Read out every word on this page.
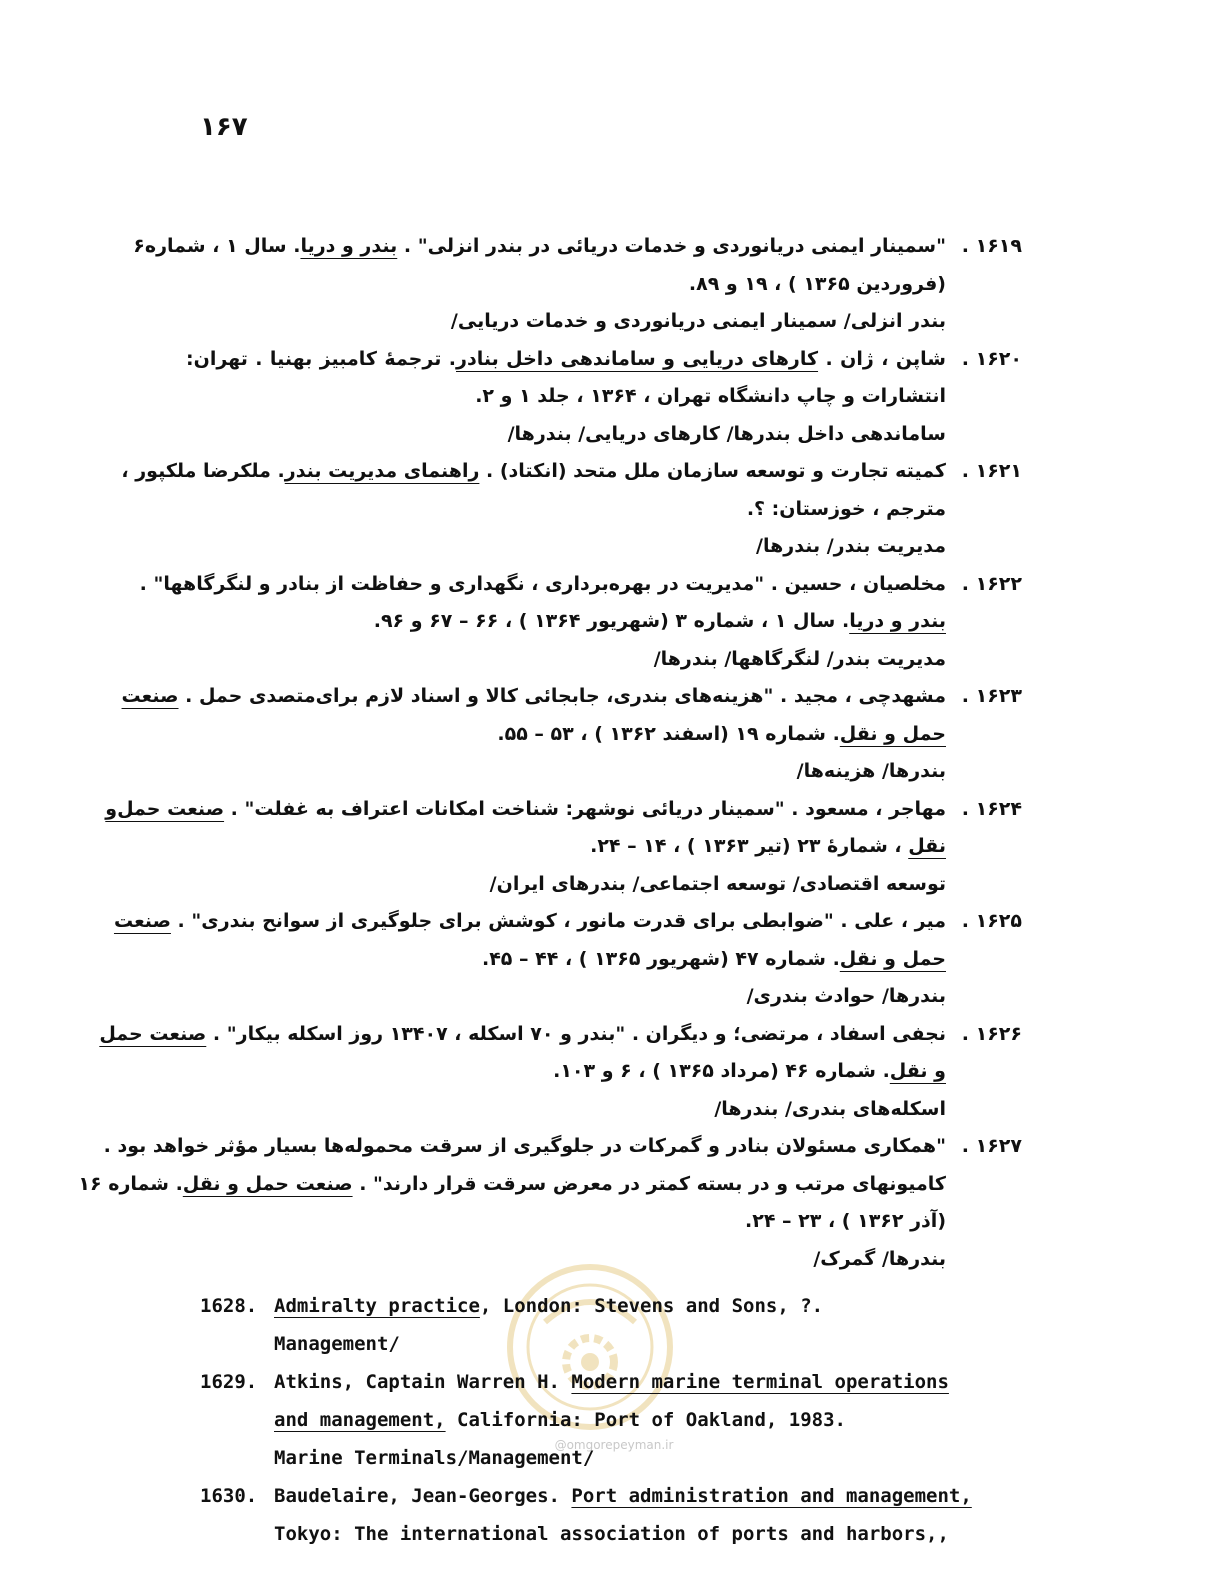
۱۶۷
۱۶۱۹ .
"سمینار ایمنی دریانوردی و خدمات دریائی در بندر انزلی" . بندر و دریا. سال ۱ ، شماره۶
(فروردین ۱۳۶۵ ) ، ۱۹ و ۸۹.
بندر انزلی/ سمینار ایمنی دریانوردی و خدمات دریایی/
۱۶۲۰ .
شاپن ، ژان . کارهای دریایی و ساماندهی داخل بنادر. ترجمهٔ کامبیز بهنیا . تهران:
انتشارات و چاپ دانشگاه تهران ، ۱۳۶۴ ، جلد ۱ و ۲.
ساماندهی داخل بندرها/ کارهای دریایی/ بندرها/
۱۶۲۱ .
کمیته تجارت و توسعه سازمان ملل متحد (انکتاد) . راهنمای مدیریت بندر. ملکرضا ملکپور ،
مترجم ، خوزستان: ؟.
مدیریت بندر/ بندرها/
۱۶۲۲ .
مخلصیان ، حسین . "مدیریت در بهره‌برداری ، نگهداری و حفاظت از بنادر و لنگرگاهها" .
بندر و دریا. سال ۱ ، شماره ۳ (شهریور ۱۳۶۴ ) ، ۶۶ – ۶۷ و ۹۶.
مدیریت بندر/ لنگرگاهها/ بندرها/
۱۶۲۳ .
مشهدچی ، مجید . "هزینه‌های بندری، جابجائی کالا و اسناد لازم برای‌متصدی حمل . صنعت
حمل و نقل. شماره ۱۹ (اسفند ۱۳۶۲ ) ، ۵۳ – ۵۵.
بندرها/ هزینه‌ها/
۱۶۲۴ .
مهاجر ، مسعود . "سمینار دریائی نوشهر: شناخت امکانات اعتراف به غفلت" . صنعت حمل‌و
نقل ، شمارهٔ ۲۳ (تیر ۱۳۶۳ ) ، ۱۴ – ۲۴.
توسعه اقتصادی/ توسعه اجتماعی/ بندرهای ایران/
۱۶۲۵ .
میر ، علی . "ضوابطی برای قدرت مانور ، کوشش برای جلوگیری از سوانح بندری" . صنعت
حمل و نقل. شماره ۴۷ (شهریور ۱۳۶۵ ) ، ۴۴ – ۴۵.
بندرها/ حوادث بندری/
۱۶۲۶ .
نجفی اسفاد ، مرتضی؛ و دیگران . "بندر و ۷۰ اسکله ، ۱۳۴۰۷ روز اسکله بیکار" . صنعت حمل
و نقل. شماره ۴۶ (مرداد ۱۳۶۵ ) ، ۶ و ۱۰۳.
اسکله‌های بندری/ بندرها/
۱۶۲۷ .
"همکاری مسئولان بنادر و گمرکات در جلوگیری از سرقت محموله‌ها بسیار مؤثر خواهد بود .
کامیونهای مرتب و در بسته کمتر در معرض سرقت قرار دارند" . صنعت حمل و نقل. شماره ۱۶
(آذر ۱۳۶۲ ) ، ۲۳ – ۲۴.
بندرها/ گمرک/
@omgorepeyman.ir
1628. Admiralty practice, London: Stevens and Sons, ?.
Management/
1629. Atkins, Captain Warren H. Modern marine terminal operations
and management, California: Port of Oakland, 1983.
Marine Terminals/Management/
1630. Baudelaire, Jean-Georges. Port administration and management,
Tokyo: The international association of ports and harbors,,
